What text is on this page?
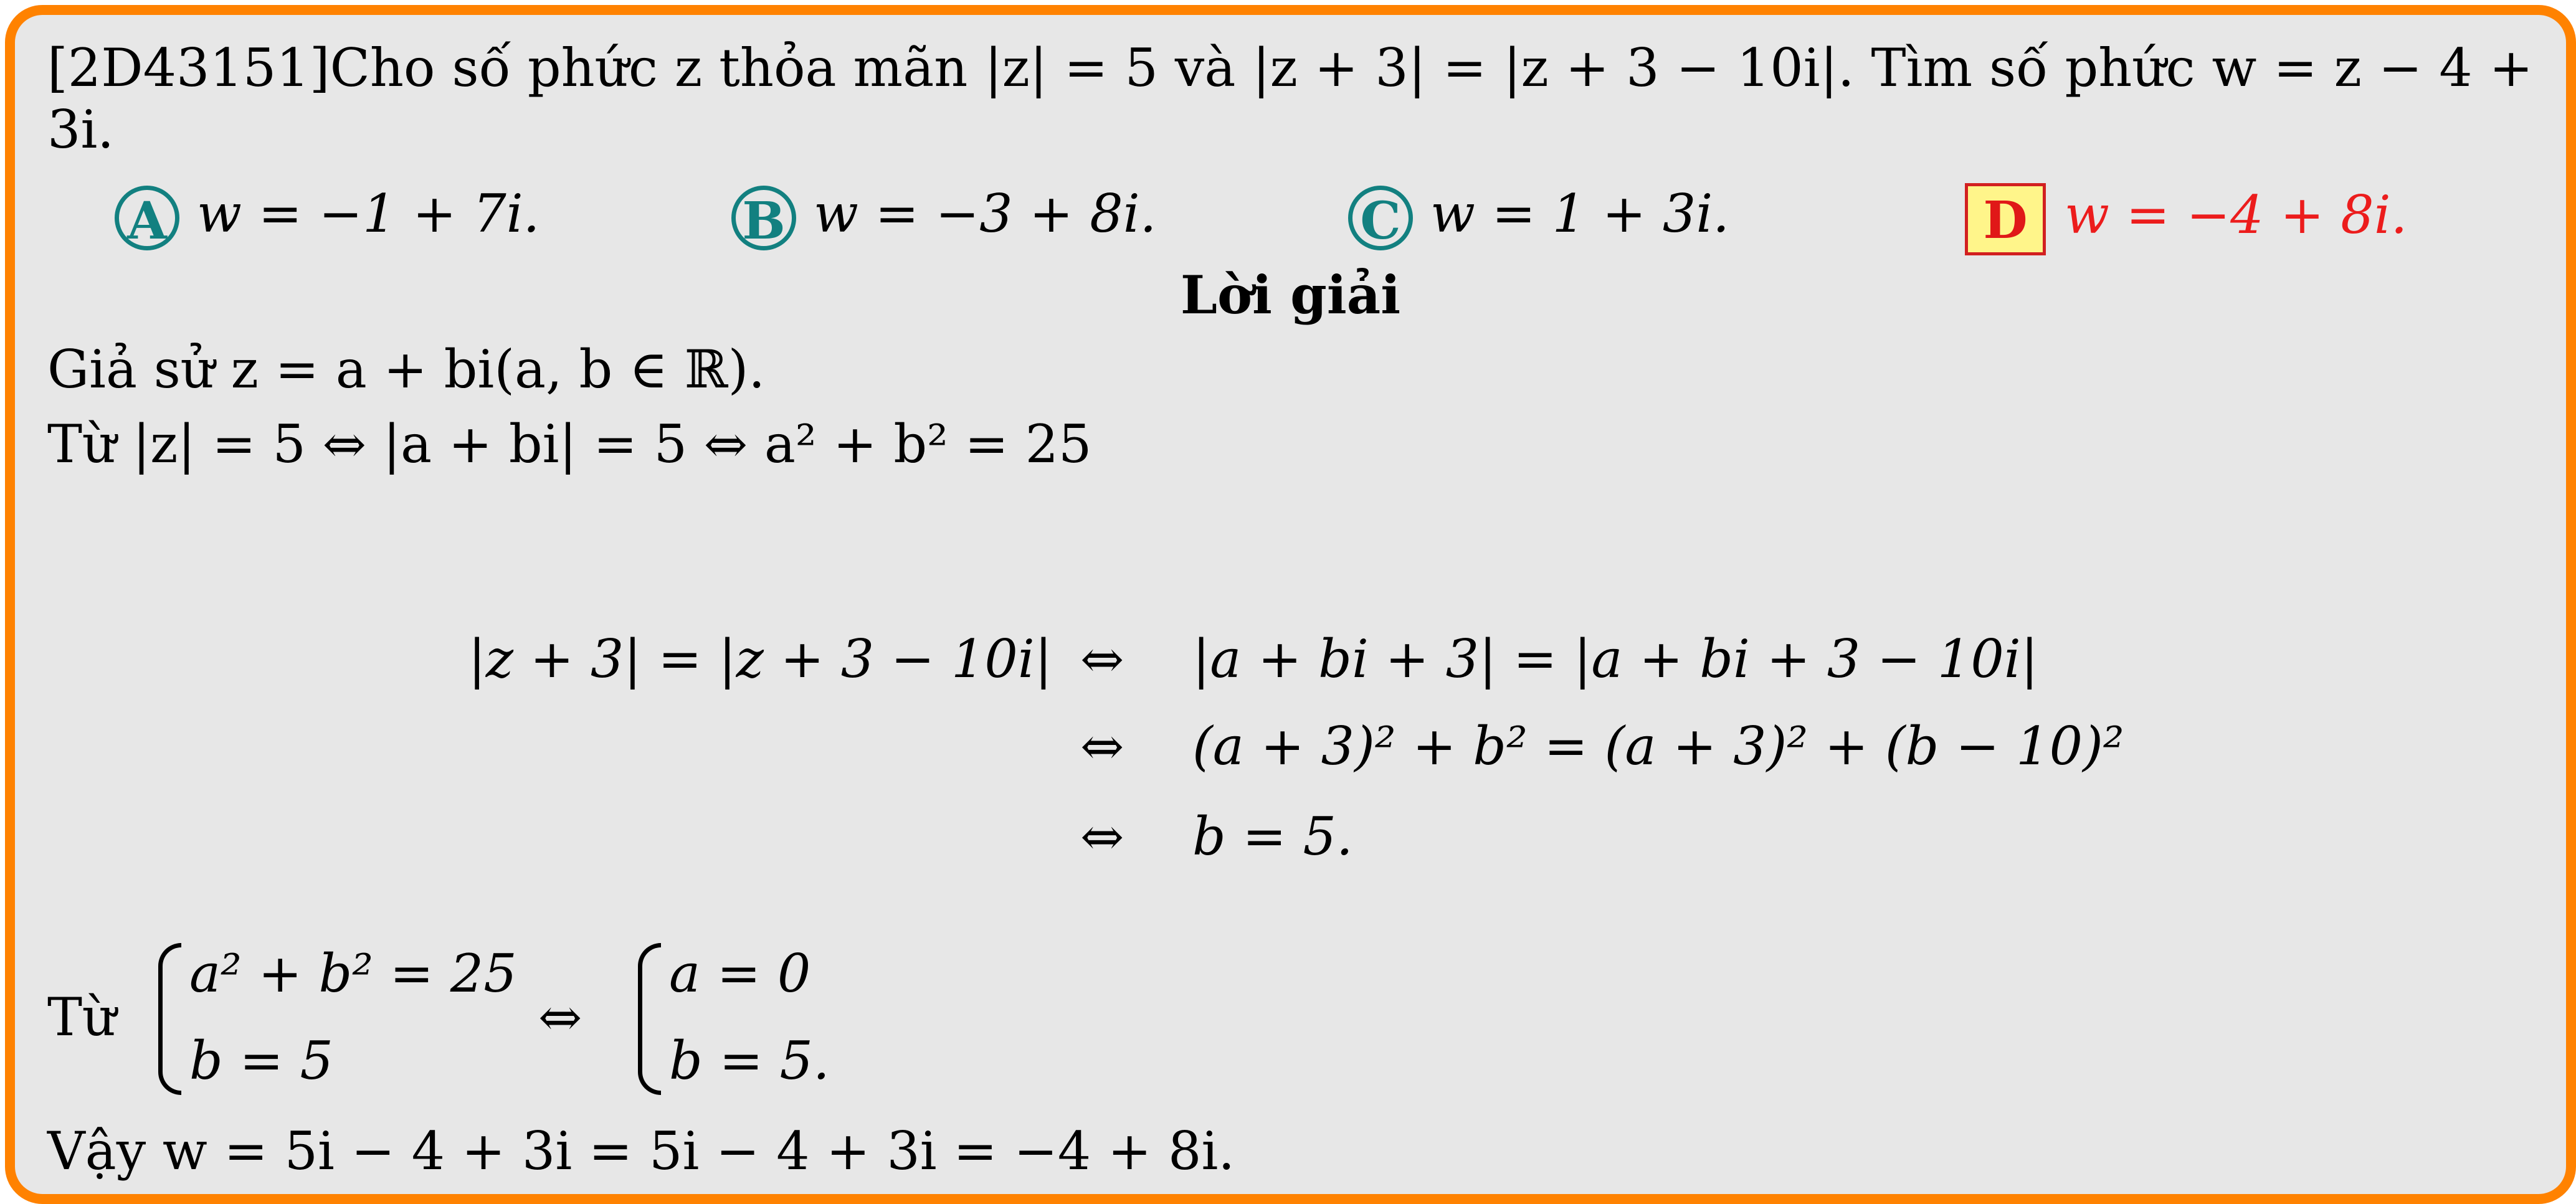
[2D43151]Cho số phức z thỏa mãn |z| = 5 và |z + 3| = |z + 3 − 10i|. Tìm số phức w = z − 4 + 3i.
A w = −1 + 7i.	B w = −3 + 8i.	C w = 1 + 3i.	D w = −4 + 8i.
Lời giải
Giả sử z = a + bi(a, b ∈ ℝ).
Từ |z| = 5 ⇔ |a + bi| = 5 ⇔ a² + b² = 25
|z + 3| = |z + 3 − 10i| ⇔ |a + bi + 3| = |a + bi + 3 − 10i|
⇔ (a + 3)² + b² = (a + 3)² + (b − 10)²
⇔ b = 5.
Từ
a² + b² = 25
b = 5
⇔
a = 0
b = 5.
Vậy w = 5i − 4 + 3i = 5i − 4 + 3i = −4 + 8i.
